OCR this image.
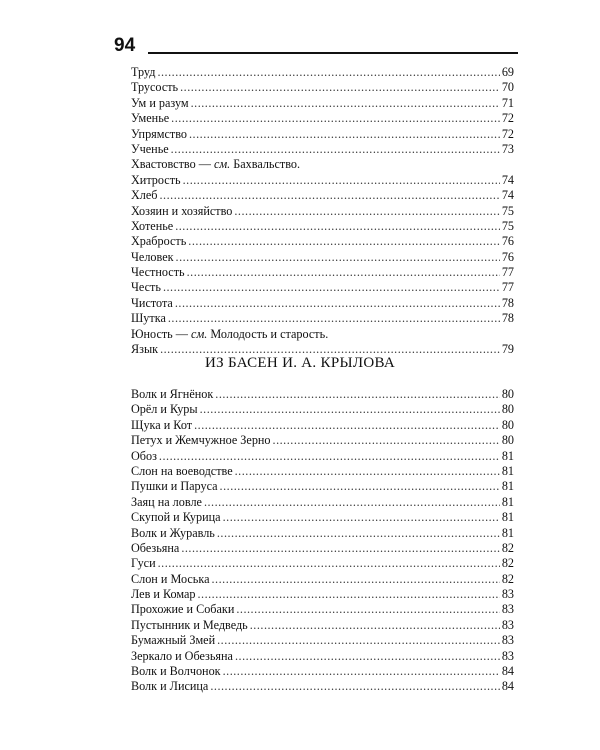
94
Труд .....	69
Трусость .....	70
Ум и разум .....	71
Уменье .....	72
Упрямство .....	72
Ученье .....	73
Хвастовство — см. Бахвальство.
Хитрость .....	74
Хлеб .....	74
Хозяин и хозяйство .....	75
Хотенье .....	75
Храбрость .....	76
Человек .....	76
Честность .....	77
Честь .....	77
Чистота .....	78
Шутка .....	78
Юность — см. Молодость и старость.
Язык .....	79
ИЗ БАСЕН И. А. КРЫЛОВА
Волк и Ягнёнок .....	80
Орёл и Куры .....	80
Щука и Кот .....	80
Петух и Жемчужное Зерно .....	80
Обоз .....	81
Слон на воеводстве .....	81
Пушки и Паруса .....	81
Заяц на ловле .....	81
Скупой и Курица .....	81
Волк и Журавль .....	81
Обезьяна .....	82
Гуси .....	82
Слон и Моська .....	82
Лев и Комар .....	83
Прохожие и Собаки .....	83
Пустынник и Медведь .....	83
Бумажный Змей .....	83
Зеркало и Обезьяна .....	83
Волк и Волчонок .....	84
Волк и Лисица .....	84
